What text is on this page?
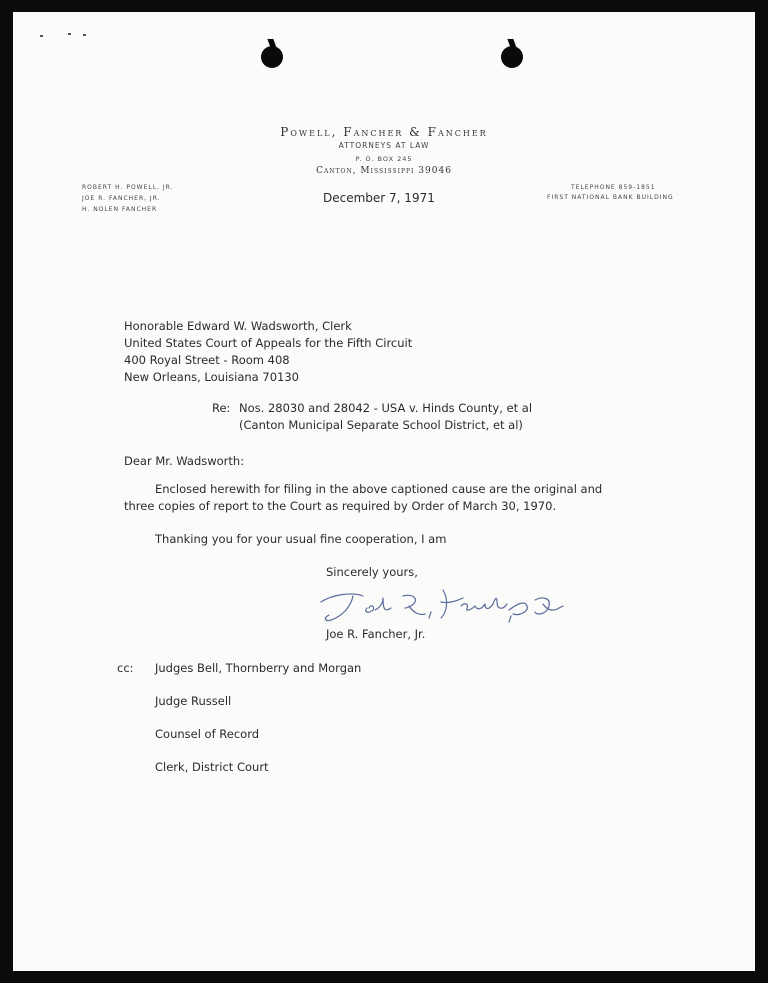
Powell, Fancher & Fancher
ATTORNEYS AT LAW
P. O. BOX 245
Canton, Mississippi 39046
ROBERT H. POWELL, JR.
JOE R. FANCHER, JR.
H. NOLEN FANCHER
TELEPHONE 859-1851
FIRST NATIONAL BANK BUILDING
December 7, 1971
Honorable Edward W. Wadsworth, Clerk
United States Court of Appeals for the Fifth Circuit
400 Royal Street - Room 408
New Orleans, Louisiana 70130
Re: Nos. 28030 and 28042 - USA v. Hinds County, et al
(Canton Municipal Separate School District, et al)
Dear Mr. Wadsworth:
Enclosed herewith for filing in the above captioned cause are the original and
three copies of report to the Court as required by Order of March 30, 1970.
Thanking you for your usual fine cooperation, I am
Sincerely yours,
Joe R. Fancher, Jr.
cc: Judges Bell, Thornberry and Morgan
Judge Russell
Counsel of Record
Clerk, District Court
